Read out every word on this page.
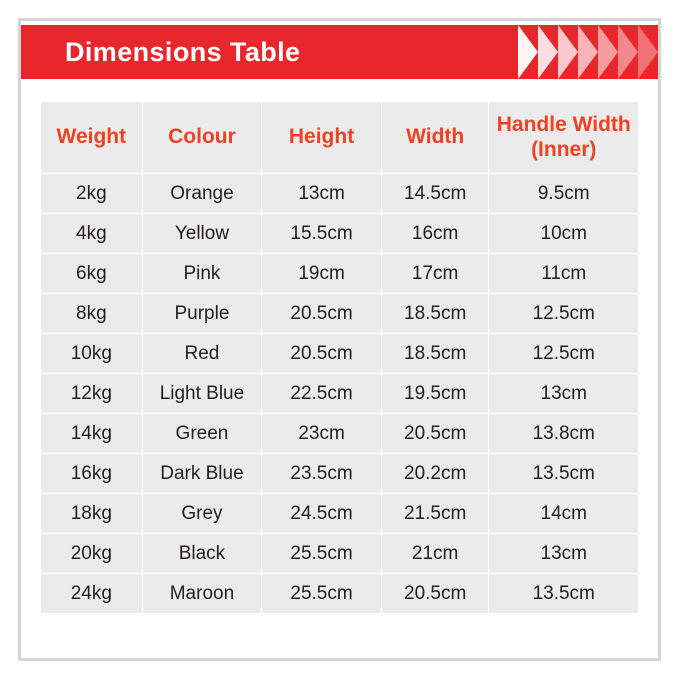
Dimensions Table
Weight	Colour	Height	Width	Handle Width (Inner)
2kg	Orange	13cm	14.5cm	9.5cm
4kg	Yellow	15.5cm	16cm	10cm
6kg	Pink	19cm	17cm	11cm
8kg	Purple	20.5cm	18.5cm	12.5cm
10kg	Red	20.5cm	18.5cm	12.5cm
12kg	Light Blue	22.5cm	19.5cm	13cm
14kg	Green	23cm	20.5cm	13.8cm
16kg	Dark Blue	23.5cm	20.2cm	13.5cm
18kg	Grey	24.5cm	21.5cm	14cm
20kg	Black	25.5cm	21cm	13cm
24kg	Maroon	25.5cm	20.5cm	13.5cm
